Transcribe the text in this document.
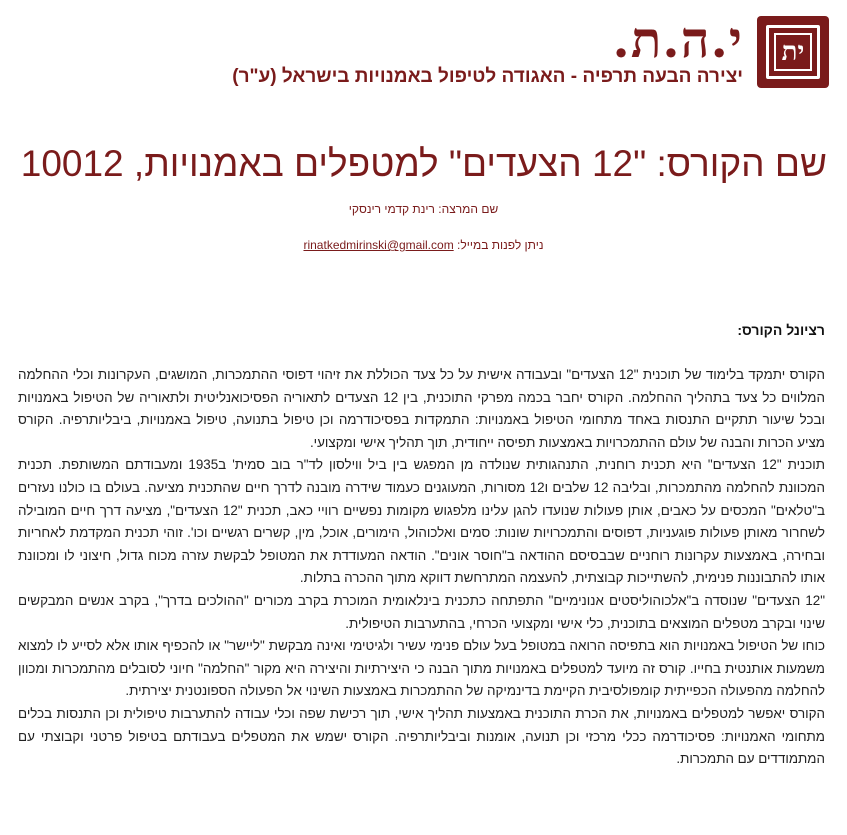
ית
י.ה.ת.
יצירה הבעה תרפיה - האגודה לטיפול באמנויות בישראל (ע"ר)
שם הקורס: "12 הצעדים" למטפלים באמנויות, 10012
שם המרצה: רינת קדמי רינסקי
ניתן לפנות במייל: rinatkedmirinski@gmail.com
רציונל הקורס:

הקורס יתמקד בלימוד של תוכנית "12 הצעדים" ובעבודה אישית על כל צעד הכוללת את זיהוי דפוסי ההתמכרות, המושגים, העקרונות וכלי ההחלמה המלווים כל צעד בתהליך ההחלמה. הקורס יחבר בכמה מפרקי התוכנית, בין 12 הצעדים לתאוריה הפסיכואנליטית ולתאוריה של הטיפול באמנויות ובכל שיעור תתקיים התנסות באחד מתחומי הטיפול באמנויות: התמקדות בפסיכודרמה וכן טיפול בתנועה, טיפול באמנויות, ביבליותרפיה. הקורס מציע הכרות והבנה של עולם ההתמכרויות באמצעות תפיסה ייחודית, תוך תהליך אישי ומקצועי.

תוכנית "12 הצעדים" היא תכנית רוחנית, התנהגותית שנולדה מן המפגש בין ביל ווילסון לד"ר בוב סמית' ב1935 ומעבודתם המשותפת. תכנית המכוונת להחלמה מהתמכרות, ובליבה 12 שלבים ו12 מסורות, המעוגנים כעמוד שידרה מובנה לדרך חיים שהתכנית מציעה. בעולם בו כולנו נעזרים ב"טלאים" המכסים על כאבים, אותן פעולות שנועדו להגן עלינו מלפגוש מקומות נפשיים רוויי כאב, תכנית "12 הצעדים", מציעה דרך חיים המובילה לשחרור מאותן פעולות פוגעניות, דפוסים והתמכרויות שונות: סמים ואלכוהול, הימורים, אוכל, מין, קשרים רגשיים וכו'. זוהי תכנית המקדמת לאחריות ובחירה, באמצעות עקרונות רוחניים שבבסיסם ההודאה ב"חוסר אונים". הודאה המעודדת את המטופל לבקשת עזרה מכוח גדול, חיצוני לו ומכוונת אותו להתבוננות פנימית, להשתייכות קבוצתית, להעצמה המתרחשת דווקא מתוך ההכרה בתלות.

"12 הצעדים" שנוסדה ב"אלכוהוליסטים אנונימיים" התפתחה כתכנית בינלאומית המוכרת בקרב מכורים "ההולכים בדרך", בקרב אנשים המבקשים שינוי ובקרב מטפלים המוצאים בתוכנית, כלי אישי ומקצועי הכרחי, בהתערבות הטיפולית.

כוחו של הטיפול באמנויות הוא בתפיסה הרואה במטופל בעל עולם פנימי עשיר ולגיטימי ואינה מבקשת "ליישר" או להכפיף אותו אלא לסייע לו למצוא משמעות אותנטית בחייו. קורס זה מיועד למטפלים באמנויות מתוך הבנה כי היצירתיות והיצירה היא מקור "החלמה" חיוני לסובלים מהתמכרות ומכוון להחלמה מהפעולה הכפייתית קומפולסיבית הקיימת בדינמיקה של ההתמכרות באמצעות השינוי אל הפעולה הספונטנית יצירתית.

הקורס יאפשר למטפלים באמנויות, את הכרת התוכנית באמצעות תהליך אישי, תוך רכישת שפה וכלי עבודה להתערבות טיפולית וכן התנסות בכלים מתחומי האמנויות: פסיכודרמה ככלי מרכזי וכן תנועה, אומנות וביבליותרפיה. הקורס ישמש את המטפלים בעבודתם בטיפול פרטני וקבוצתי עם המתמודדים עם התמכרות.
